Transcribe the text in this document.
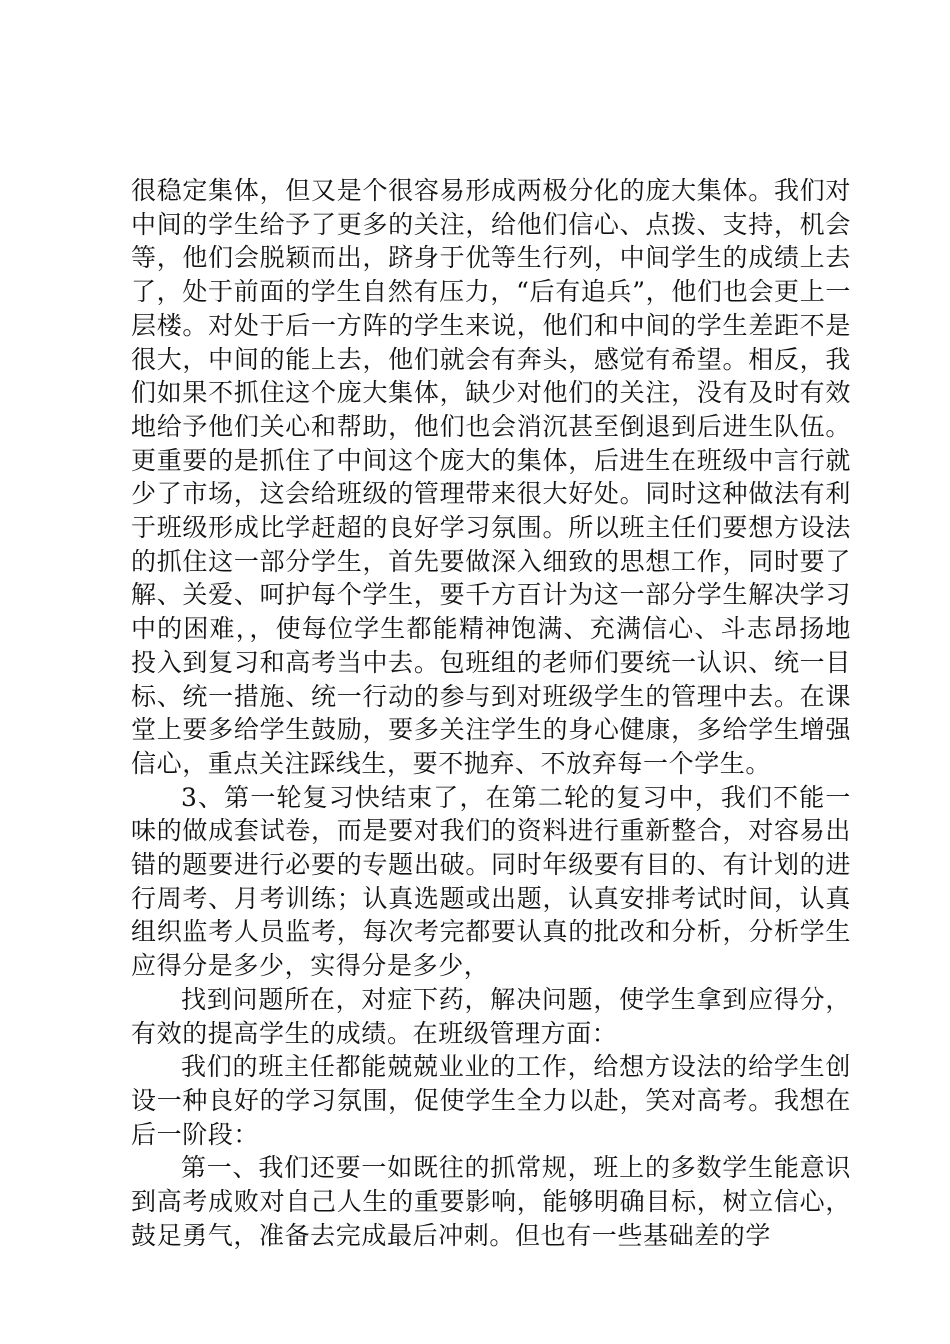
很稳定集体，但又是个很容易形成两极分化的庞大集体。我们对中间的学生给予了更多的关注，给他们信心、点拨、支持，机会等，他们会脱颖而出，跻身于优等生行列，中间学生的成绩上去了，处于前面的学生自然有压力，“后有追兵”，他们也会更上一层楼。对处于后一方阵的学生来说，他们和中间的学生差距不是很大，中间的能上去，他们就会有奔头，感觉有希望。相反，我们如果不抓住这个庞大集体，缺少对他们的关注，没有及时有效地给予他们关心和帮助，他们也会消沉甚至倒退到后进生队伍。更重要的是抓住了中间这个庞大的集体，后进生在班级中言行就少了市场，这会给班级的管理带来很大好处。同时这种做法有利于班级形成比学赶超的良好学习氛围。所以班主任们要想方设法的抓住这一部分学生，首先要做深入细致的思想工作，同时要了解、关爱、呵护每个学生，要千方百计为这一部分学生解决学习中的困难，，使每位学生都能精神饱满、充满信心、斗志昂扬地投入到复习和高考当中去。包班组的老师们要统一认识、统一目标、统一措施、统一行动的参与到对班级学生的管理中去。在课堂上要多给学生鼓励，要多关注学生的身心健康，多给学生增强信心，重点关注踩线生，要不抛弃、不放弃每一个学生。

3、第一轮复习快结束了，在第二轮的复习中，我们不能一味的做成套试卷，而是要对我们的资料进行重新整合，对容易出错的题要进行必要的专题出破。同时年级要有目的、有计划的进行周考、月考训练；认真选题或出题，认真安排考试时间，认真组织监考人员监考，每次考完都要认真的批改和分析，分析学生应得分是多少，实得分是多少，

找到问题所在，对症下药，解决问题，使学生拿到应得分，有效的提高学生的成绩。在班级管理方面：

我们的班主任都能兢兢业业的工作，给想方设法的给学生创设一种良好的学习氛围，促使学生全力以赴，笑对高考。我想在后一阶段：

第一、我们还要一如既往的抓常规，班上的多数学生能意识到高考成败对自己人生的重要影响，能够明确目标，树立信心，鼓足勇气，准备去完成最后冲刺。但也有一些基础差的学
